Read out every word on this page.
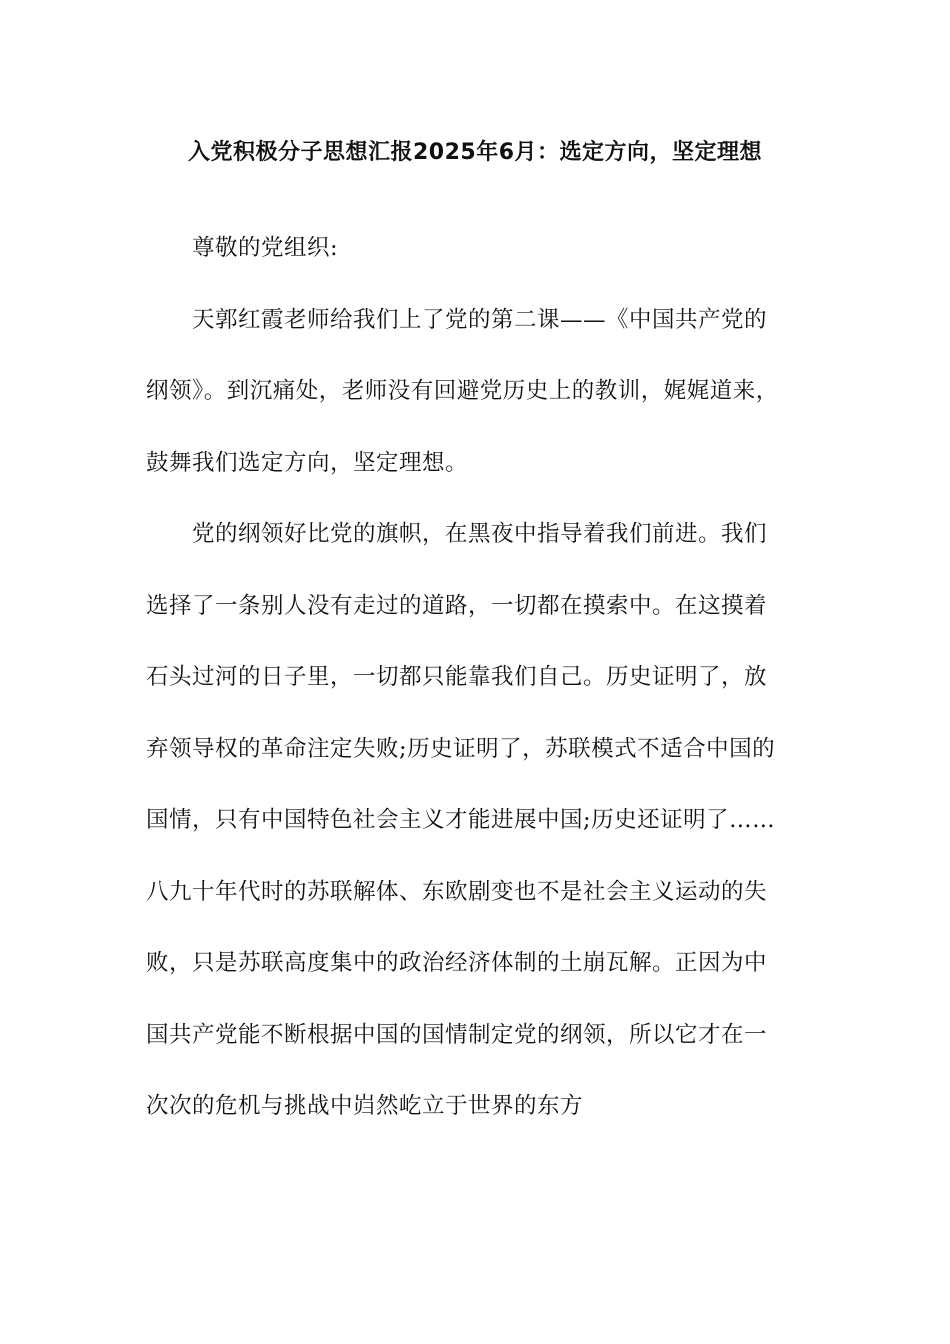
入党积极分子思想汇报2025年6月：选定方向，坚定理想
尊敬的党组织:
天郭红霞老师给我们上了党的第二课——《中国共产党的
纲领》。到沉痛处，老师没有回避党历史上的教训，娓娓道来，
鼓舞我们选定方向，坚定理想。
党的纲领好比党的旗帜，在黑夜中指导着我们前进。我们
选择了一条别人没有走过的道路，一切都在摸索中。在这摸着
石头过河的日子里，一切都只能靠我们自己。历史证明了，放
弃领导权的革命注定失败;历史证明了，苏联模式不适合中国的
国情，只有中国特色社会主义才能进展中国;历史还证明了……
八九十年代时的苏联解体、东欧剧变也不是社会主义运动的失
败，只是苏联高度集中的政治经济体制的土崩瓦解。正因为中
国共产党能不断根据中国的国情制定党的纲领，所以它才在一
次次的危机与挑战中岿然屹立于世界的东方
